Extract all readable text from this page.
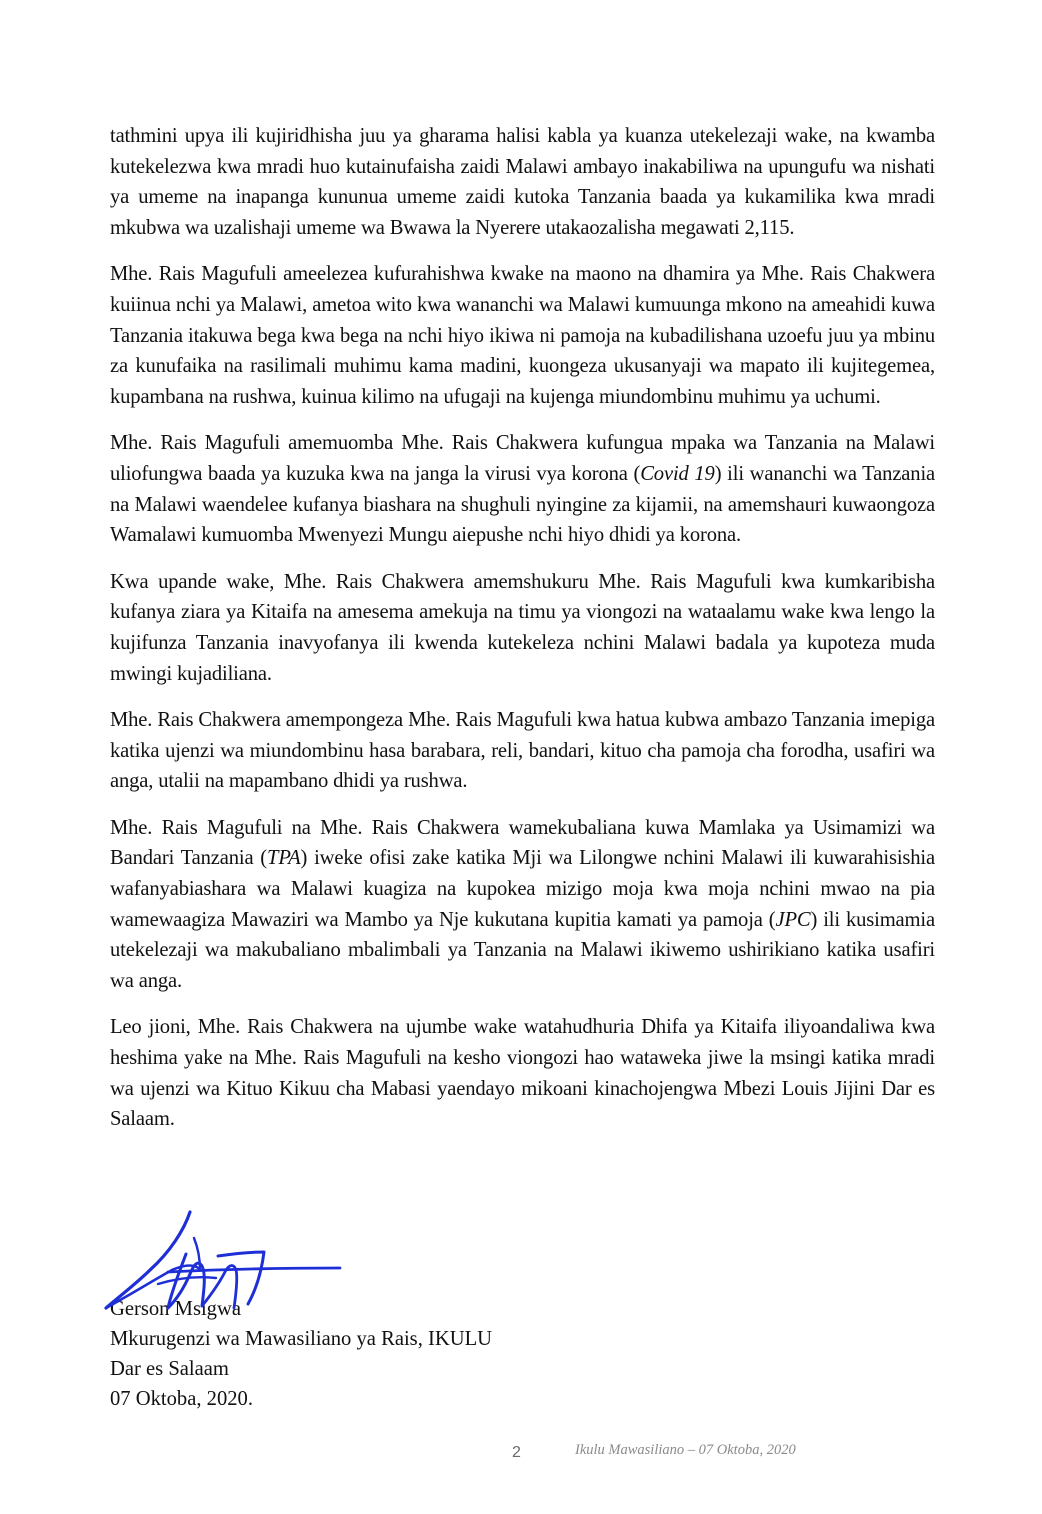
tathmini upya ili kujiridhisha juu ya gharama halisi kabla ya kuanza utekelezaji wake, na kwamba kutekelezwa kwa mradi huo kutainufaisha zaidi Malawi ambayo inakabiliwa na upungufu wa nishati ya umeme na inapanga kununua umeme zaidi kutoka Tanzania baada ya kukamilika kwa mradi mkubwa wa uzalishaji umeme wa Bwawa la Nyerere utakaozalisha megawati 2,115.

Mhe. Rais Magufuli ameelezea kufurahishwa kwake na maono na dhamira ya Mhe. Rais Chakwera kuiinua nchi ya Malawi, ametoa wito kwa wananchi wa Malawi kumuunga mkono na ameahidi kuwa Tanzania itakuwa bega kwa bega na nchi hiyo ikiwa ni pamoja na kubadilishana uzoefu juu ya mbinu za kunufaika na rasilimali muhimu kama madini, kuongeza ukusanyaji wa mapato ili kujitegemea, kupambana na rushwa, kuinua kilimo na ufugaji na kujenga miundombinu muhimu ya uchumi.

Mhe. Rais Magufuli amemuomba Mhe. Rais Chakwera kufungua mpaka wa Tanzania na Malawi uliofungwa baada ya kuzuka kwa na janga la virusi vya korona (Covid 19) ili wananchi wa Tanzania na Malawi waendelee kufanya biashara na shughuli nyingine za kijamii, na amemshauri kuwaongoza Wamalawi kumuomba Mwenyezi Mungu aiepushe nchi hiyo dhidi ya korona.

Kwa upande wake, Mhe. Rais Chakwera amemshukuru Mhe. Rais Magufuli kwa kumkaribisha kufanya ziara ya Kitaifa na amesema amekuja na timu ya viongozi na wataalamu wake kwa lengo la kujifunza Tanzania inavyofanya ili kwenda kutekeleza nchini Malawi badala ya kupoteza muda mwingi kujadiliana.

Mhe. Rais Chakwera amempongeza Mhe. Rais Magufuli kwa hatua kubwa ambazo Tanzania imepiga katika ujenzi wa miundombinu hasa barabara, reli, bandari, kituo cha pamoja cha forodha, usafiri wa anga, utalii na mapambano dhidi ya rushwa.

Mhe. Rais Magufuli na Mhe. Rais Chakwera wamekubaliana kuwa Mamlaka ya Usimamizi wa Bandari Tanzania (TPA) iweke ofisi zake katika Mji wa Lilongwe nchini Malawi ili kuwarahisishia wafanyabiashara wa Malawi kuagiza na kupokea mizigo moja kwa moja nchini mwao na pia wamewaagiza Mawaziri wa Mambo ya Nje kukutana kupitia kamati ya pamoja (JPC) ili kusimamia utekelezaji wa makubaliano mbalimbali ya Tanzania na Malawi ikiwemo ushirikiano katika usafiri wa anga.

Leo jioni, Mhe. Rais Chakwera na ujumbe wake watahudhuria Dhifa ya Kitaifa iliyoandaliwa kwa heshima yake na Mhe. Rais Magufuli na kesho viongozi hao wataweka jiwe la msingi katika mradi wa ujenzi wa Kituo Kikuu cha Mabasi yaendayo mikoani kinachojengwa Mbezi Louis Jijini Dar es Salaam.

Gerson Msigwa

Mkurugenzi wa Mawasiliano ya Rais, IKULU

Dar es Salaam

07 Oktoba, 2020.

2	Ikulu Mawasiliano – 07 Oktoba, 2020
